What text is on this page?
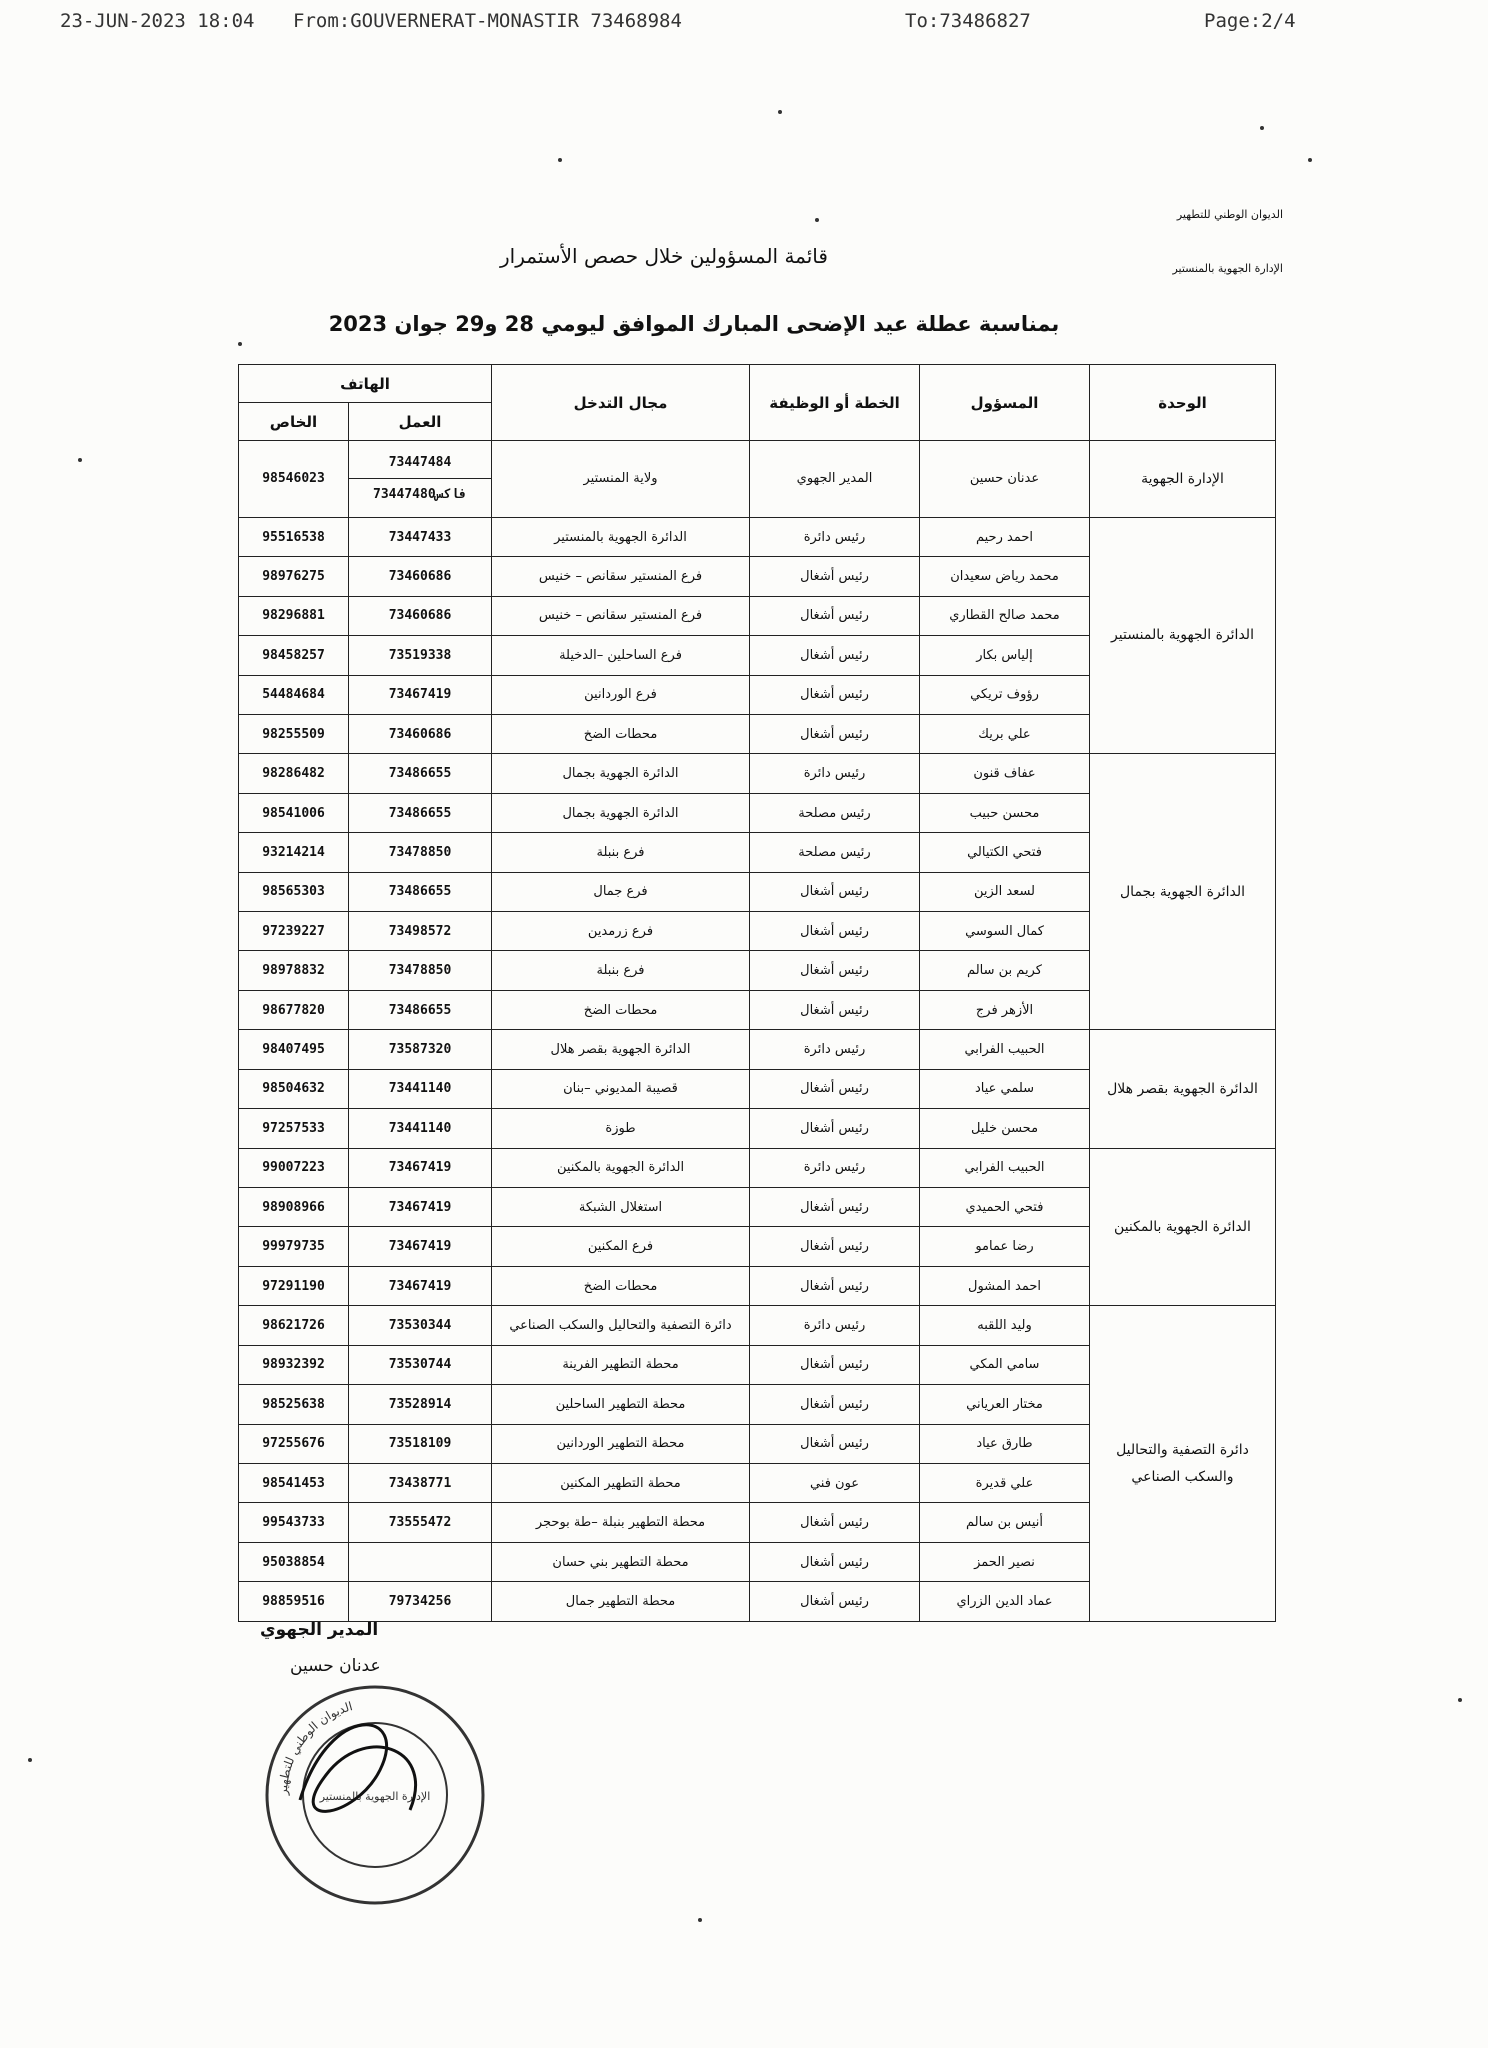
23-JUN-2023 18:04 From:GOUVERNERAT-MONASTIR 73468984	To:73486827	Page:2/4
الديوان الوطني للتطهير
الإدارة الجهوية بالمنستير
قائمة المسؤولين خلال حصص الأستمرار
بمناسبة عطلة عيد الإضحى المبارك الموافق ليومي 28 و29 جوان 2023
الوحدة	المسؤول	الخطة أو الوظيفة	مجال التدخل	الهاتف	
				العمل	الخاص
الإدارة الجهوية	عدنان حسين	المدير الجهوي	ولاية المنستير	73447484
73447480فاكس	98546023
الدائرة الجهوية بالمنستير	احمد رحيم	رئيس دائرة	الدائرة الجهوية بالمنستير	73447433	95516538
	محمد رياض سعيدان	رئيس أشغال	فرع المنستير سقانص – خنيس	73460686	98976275
	محمد صالح القطاري	رئيس أشغال	فرع المنستير سقانص – خنيس	73460686	98296881
	إلياس بكار	رئيس أشغال	فرع الساحلين –الدخيلة	73519338	98458257
	رؤوف تريكي	رئيس أشغال	فرع الوردانين	73467419	54484684
	علي بريك	رئيس أشغال	محطات الضخ	73460686	98255509
الدائرة الجهوية بجمال	عفاف قنون	رئيس دائرة	الدائرة الجهوية بجمال	73486655	98286482
	محسن حبيب	رئيس مصلحة	الدائرة الجهوية بجمال	73486655	98541006
	فتحي الكتيالي	رئيس مصلحة	فرع بنبلة	73478850	93214214
	لسعد الزين	رئيس أشغال	فرع جمال	73486655	98565303
	كمال السوسي	رئيس أشغال	فرع زرمدين	73498572	97239227
	كريم بن سالم	رئيس أشغال	فرع بنبلة	73478850	98978832
	الأزهر فرج	رئيس أشغال	محطات الضخ	73486655	98677820
الدائرة الجهوية بقصر هلال	الحبيب الفرابي	رئيس دائرة	الدائرة الجهوية بقصر هلال	73587320	98407495
	سلمي عياد	رئيس أشغال	قصيبة المديوني –بنان	73441140	98504632
	محسن خليل	رئيس أشغال	طوزة	73441140	97257533
الدائرة الجهوية بالمكنين	الحبيب الفرابي	رئيس دائرة	الدائرة الجهوية بالمكنين	73467419	99007223
	فتحي الحميدي	رئيس أشغال	استغلال الشبكة	73467419	98908966
	رضا عمامو	رئيس أشغال	فرع المكنين	73467419	99979735
	احمد المشول	رئيس أشغال	محطات الضخ	73467419	97291190
دائرة التصفية والتحاليل والسكب الصناعي	وليد اللقبه	رئيس دائرة	دائرة التصفية والتحاليل والسكب الصناعي	73530344	98621726
	سامي المكي	رئيس أشغال	محطة التطهير الفرينة	73530744	98932392
	مختار العرياني	رئيس أشغال	محطة التطهير الساحلين	73528914	98525638
	طارق عياد	رئيس أشغال	محطة التطهير الوردانين	73518109	97255676
	علي قديرة	عون فني	محطة التطهير المكنين	73438771	98541453
	أنيس بن سالم	رئيس أشغال	محطة التطهير بنبلة –طة بوحجر	73555472	99543733
	نصير الحمز	رئيس أشغال	محطة التطهير بني حسان		95038854
	عماد الدين الزراي	رئيس أشغال	محطة التطهير جمال	79734256	98859516
المدير الجهوي
عدنان حسين
الديوان الوطني للتطهير
الإدارة الجهوية بالمنستير
